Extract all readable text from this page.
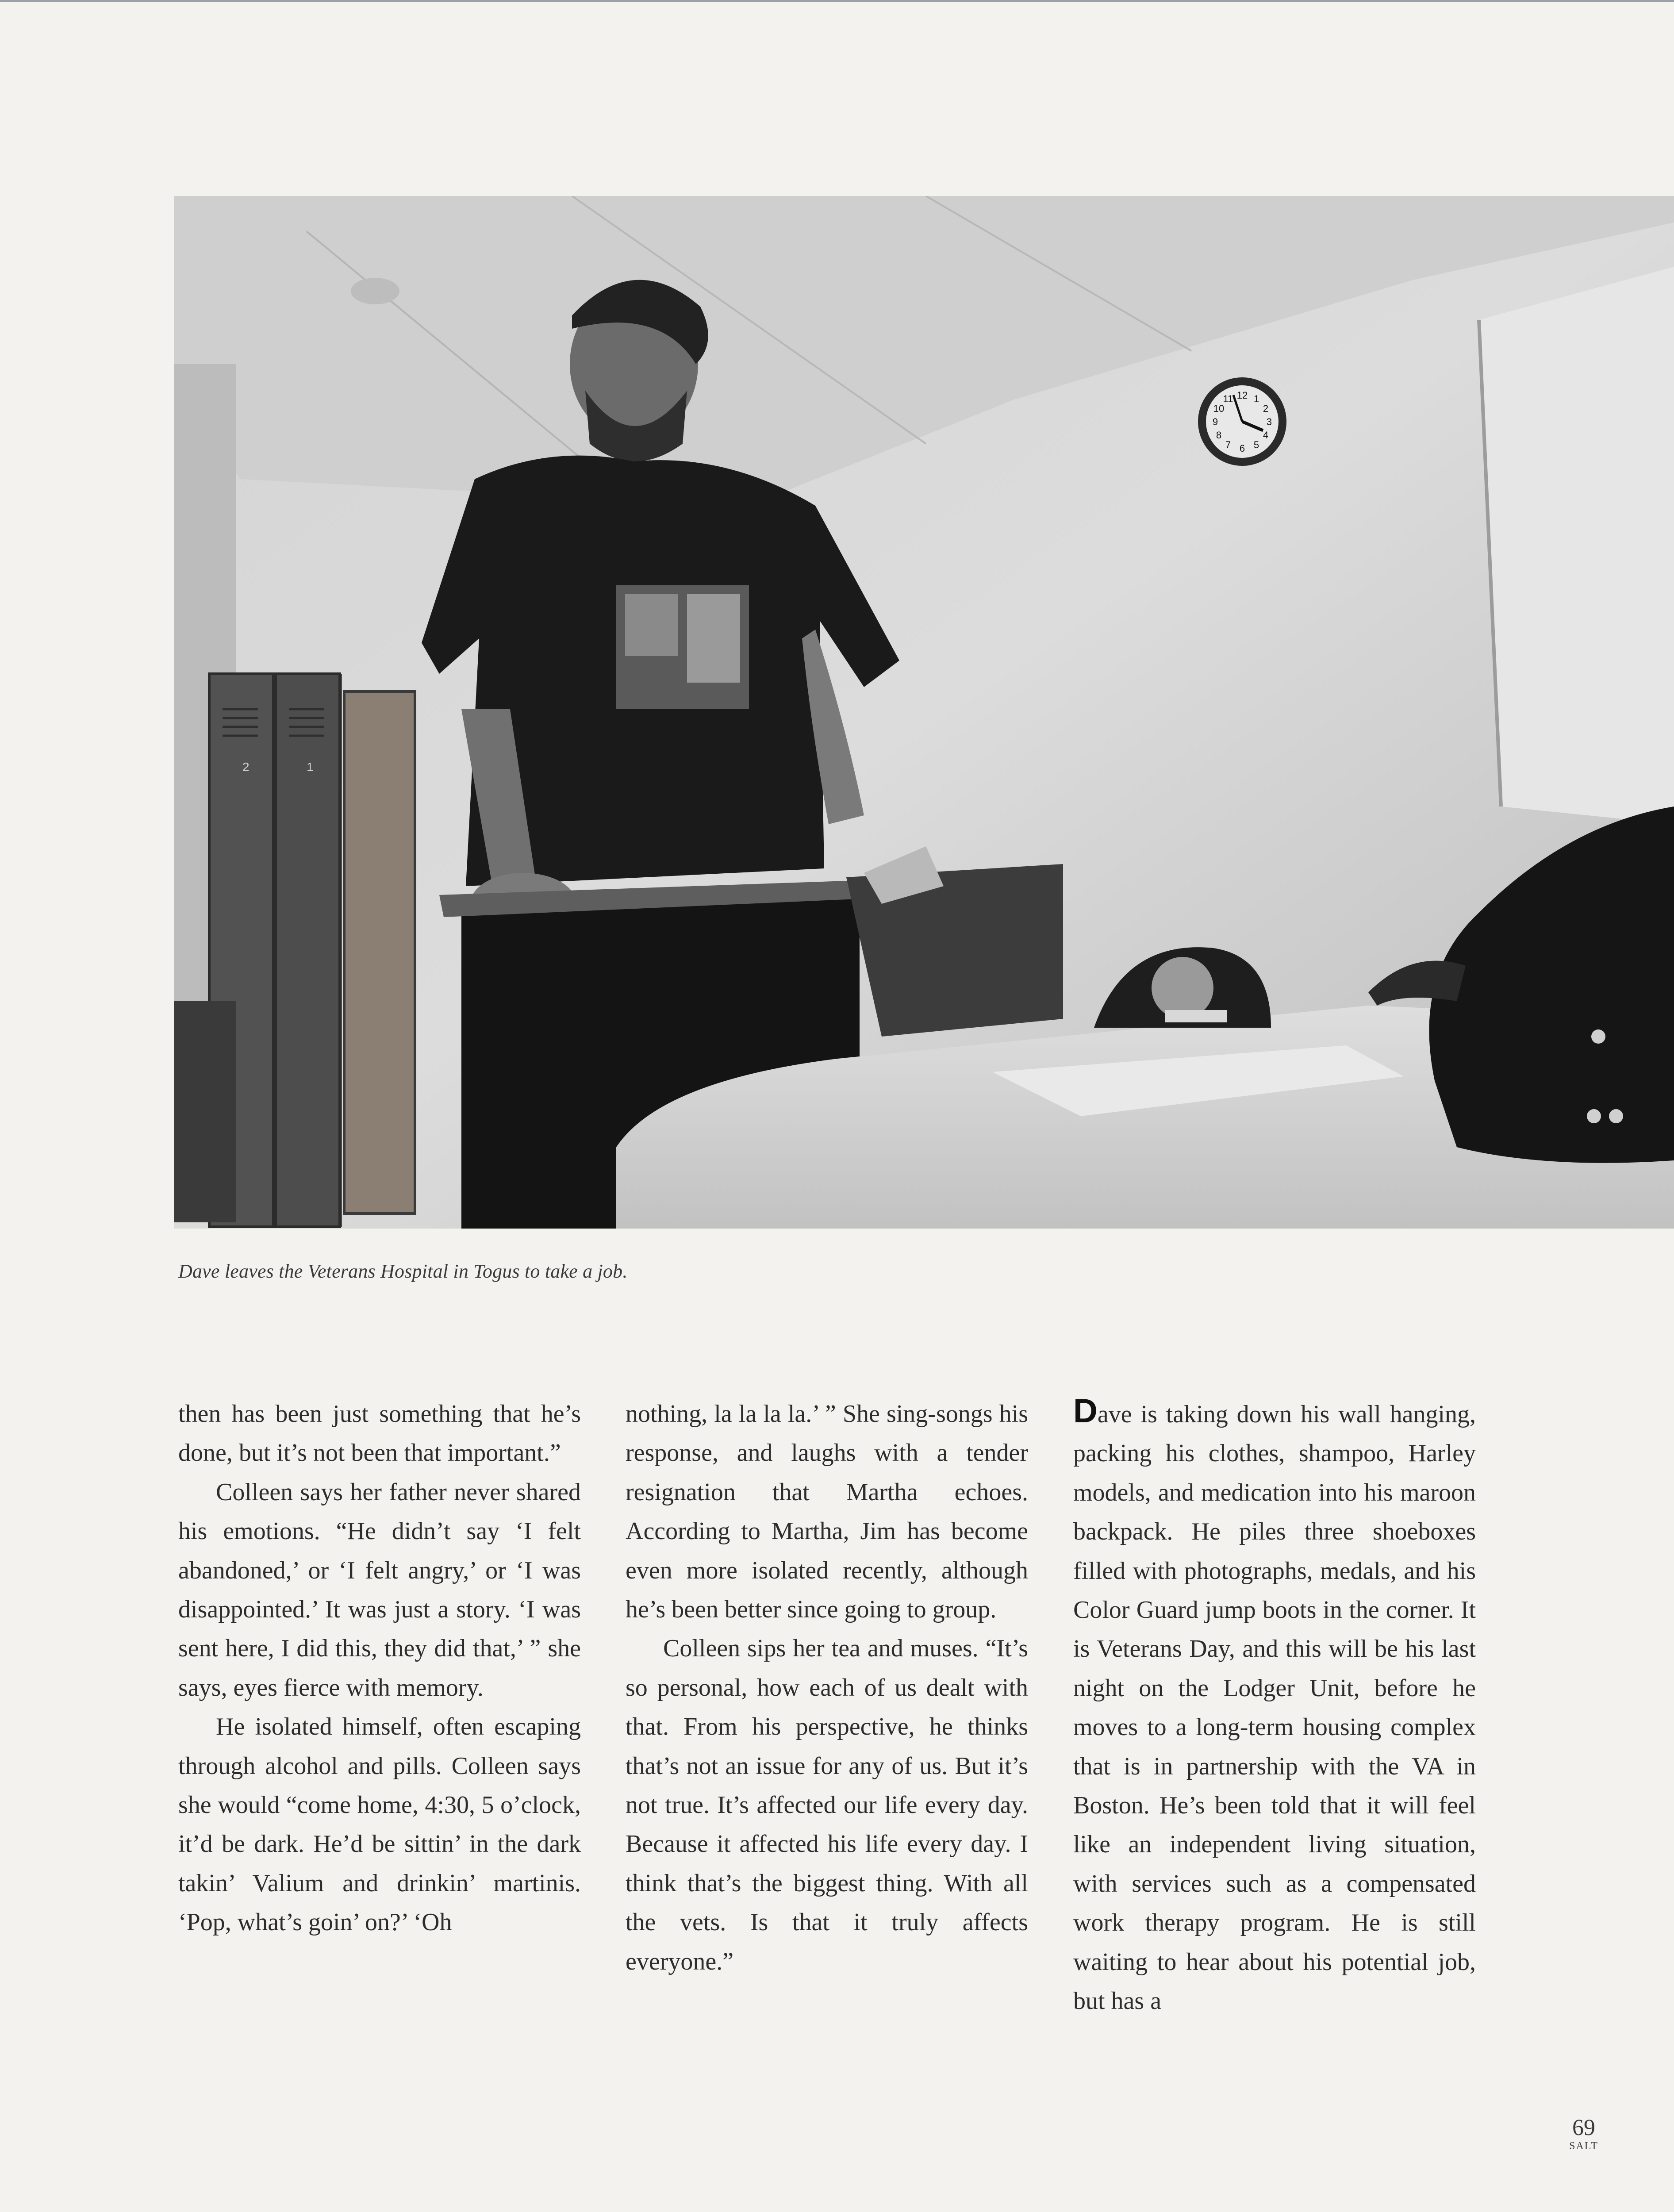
2	1
12 1
2
3
4
5
6
7
8
9
10
11

Dave leaves the Veterans Hospital in Togus to take a job.

then has been just something that he’s done, but it’s not been that important.”

Colleen says her father never shared his emotions. “He didn’t say ‘I felt abandoned,’ or ‘I felt angry,’ or ‘I was disappointed.’ It was just a story. ‘I was sent here, I did this, they did that,’ ” she says, eyes fierce with memory.

He isolated himself, often escaping through alcohol and pills. Colleen says she would “come home, 4:30, 5 o’clock, it’d be dark. He’d be sittin’ in the dark takin’ Valium and drinkin’ martinis. ‘Pop, what’s goin’ on?’ ‘Oh

nothing, la la la la.’ ” She sing-songs his response, and laughs with a tender resignation that Martha echoes. According to Martha, Jim has become even more isolated recently, although he’s been better since going to group.

Colleen sips her tea and muses. “It’s so personal, how each of us dealt with that. From his perspective, he thinks that’s not an issue for any of us. But it’s not true. It’s affected our life every day. Because it affected his life every day. I think that’s the biggest thing. With all the vets. Is that it truly affects everyone.”

Dave is taking down his wall hanging, packing his clothes, shampoo, Harley models, and medication into his maroon backpack. He piles three shoeboxes filled with photographs, medals, and his Color Guard jump boots in the corner. It is Veterans Day, and this will be his last night on the Lodger Unit, before he moves to a long-term housing complex that is in partnership with the VA in Boston. He’s been told that it will feel like an independent living situation, with services such as a compensated work therapy program. He is still waiting to hear about his potential job, but has a

69
SALT
